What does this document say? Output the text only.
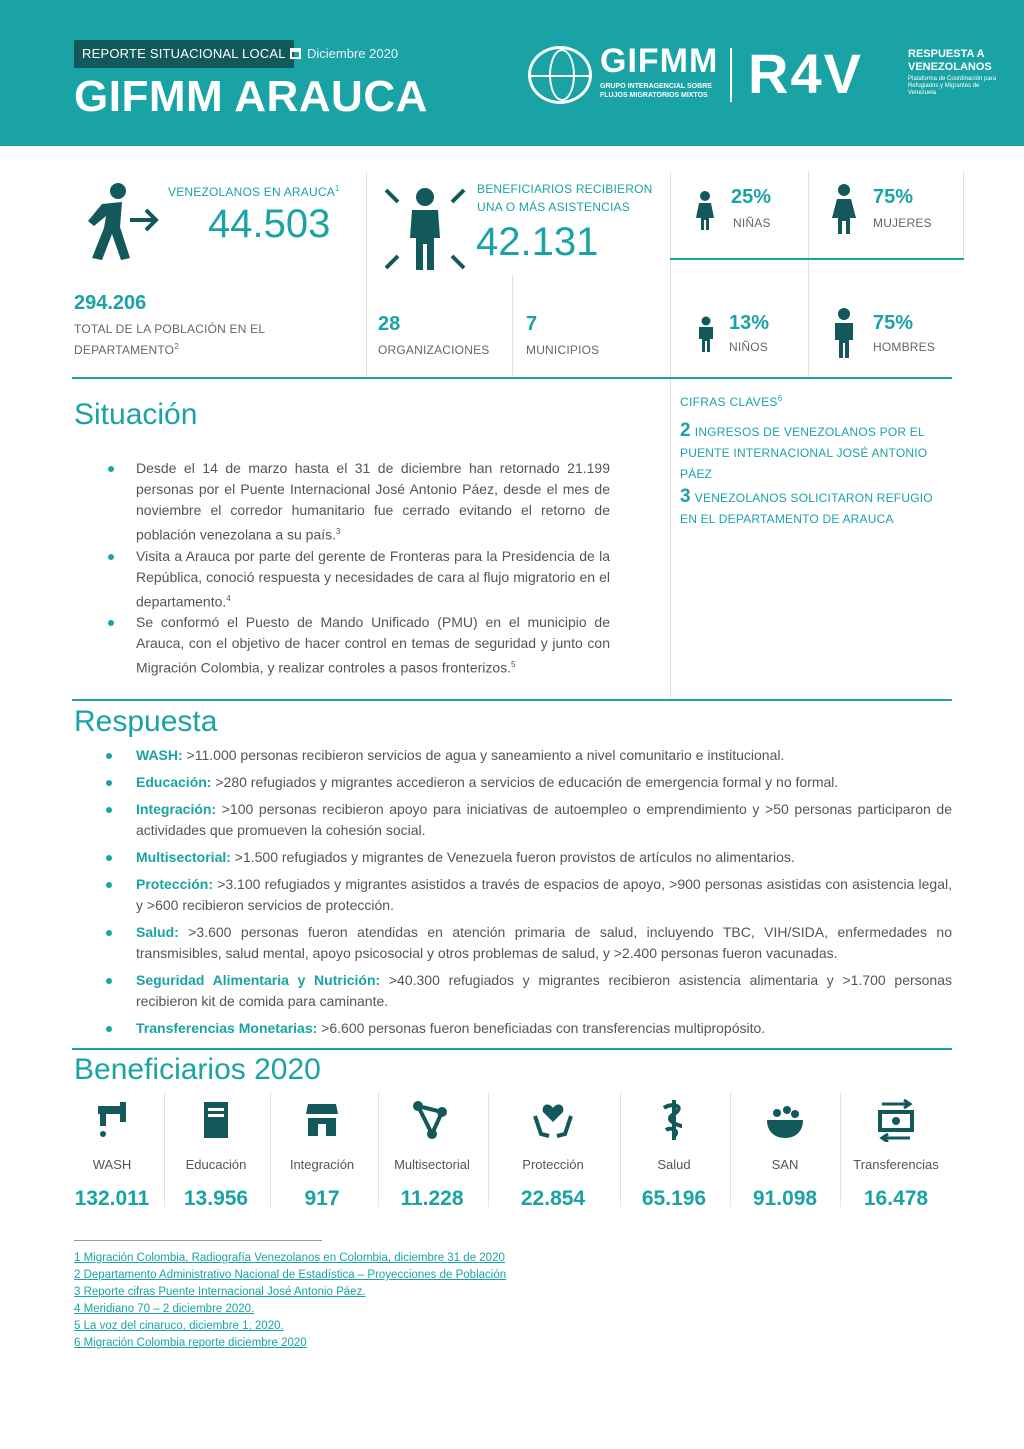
REPORTE SITUACIONAL LOCAL	Diciembre 2020
GIFMM ARAUCA
GIFMM
GRUPO INTERAGENCIAL SOBRE FLUJOS MIGRATORIOS MIXTOS R4V	RESPUESTA A VENEZOLANOS
Plataforma de Coordinación para Refugiados y Migrantes de Venezuela
VENEZOLANOS EN ARAUCA$^1$
44.503
294.206
TOTAL DE LA POBLACIÓN EN EL DEPARTAMENTO$^2$
BENEFICIARIOS RECIBIERON UNA O MÁS ASISTENCIAS
42.131
28
ORGANIZACIONES
7
MUNICIPIOS
25%
NIÑAS
75%
MUJERES
13%
NIÑOS
75%
HOMBRES
Situación
Desde el 14 de marzo hasta el 31 de diciembre han retornado 21.199 personas por el Puente Internacional José Antonio Páez, desde el mes de noviembre el corredor humanitario fue cerrado evitando el retorno de población venezolana a su país.$^3$
Visita a Arauca por parte del gerente de Fronteras para la Presidencia de la República, conoció respuesta y necesidades de cara al flujo migratorio en el departamento.$^4$
Se conformó el Puesto de Mando Unificado (PMU) en el municipio de Arauca, con el objetivo de hacer control en temas de seguridad y junto con Migración Colombia, y realizar controles a pasos fronterizos.$^5$
CIFRAS CLAVES$^6$
2 INGRESOS DE VENEZOLANOS POR EL PUENTE INTERNACIONAL JOSÉ ANTONIO PÁEZ
3 VENEZOLANOS SOLICITARON REFUGIO EN EL DEPARTAMENTO DE ARAUCA
Respuesta
WASH: >11.000 personas recibieron servicios de agua y saneamiento a nivel comunitario e institucional.
Educación: >280 refugiados y migrantes accedieron a servicios de educación de emergencia formal y no formal.
Integración: >100 personas recibieron apoyo para iniciativas de autoempleo o emprendimiento y >50 personas participaron de actividades que promueven la cohesión social.
Multisectorial: >1.500 refugiados y migrantes de Venezuela fueron provistos de artículos no alimentarios.
Protección: >3.100 refugiados y migrantes asistidos a través de espacios de apoyo, >900 personas asistidas con asistencia legal, y >600 recibieron servicios de protección.
Salud: >3.600 personas fueron atendidas en atención primaria de salud, incluyendo TBC, VIH/SIDA, enfermedades no transmisibles, salud mental, apoyo psicosocial y otros problemas de salud, y >2.400 personas fueron vacunadas.
Seguridad Alimentaria y Nutrición: >40.300 refugiados y migrantes recibieron asistencia alimentaria y >1.700 personas recibieron kit de comida para caminante.
Transferencias Monetarias: >6.600 personas fueron beneficiadas con transferencias multipropósito.
Beneficiarios 2020
WASH
132.011
Educación
13.956
Integración
917
Multisectorial
11.228
Protección
22.854
Salud
65.196
SAN
91.098
Transferencias
16.478
1 Migración Colombia, Radiografía Venezolanos en Colombia, diciembre 31 de 2020
2 Departamento Administrativo Nacional de Estadística – Proyecciones de Población
3 Reporte cifras Puente Internacional José Antonio Páez.
4 Meridiano 70 – 2 diciembre 2020.
5 La voz del cinaruco, diciembre 1, 2020.
6 Migración Colombia reporte diciembre 2020
